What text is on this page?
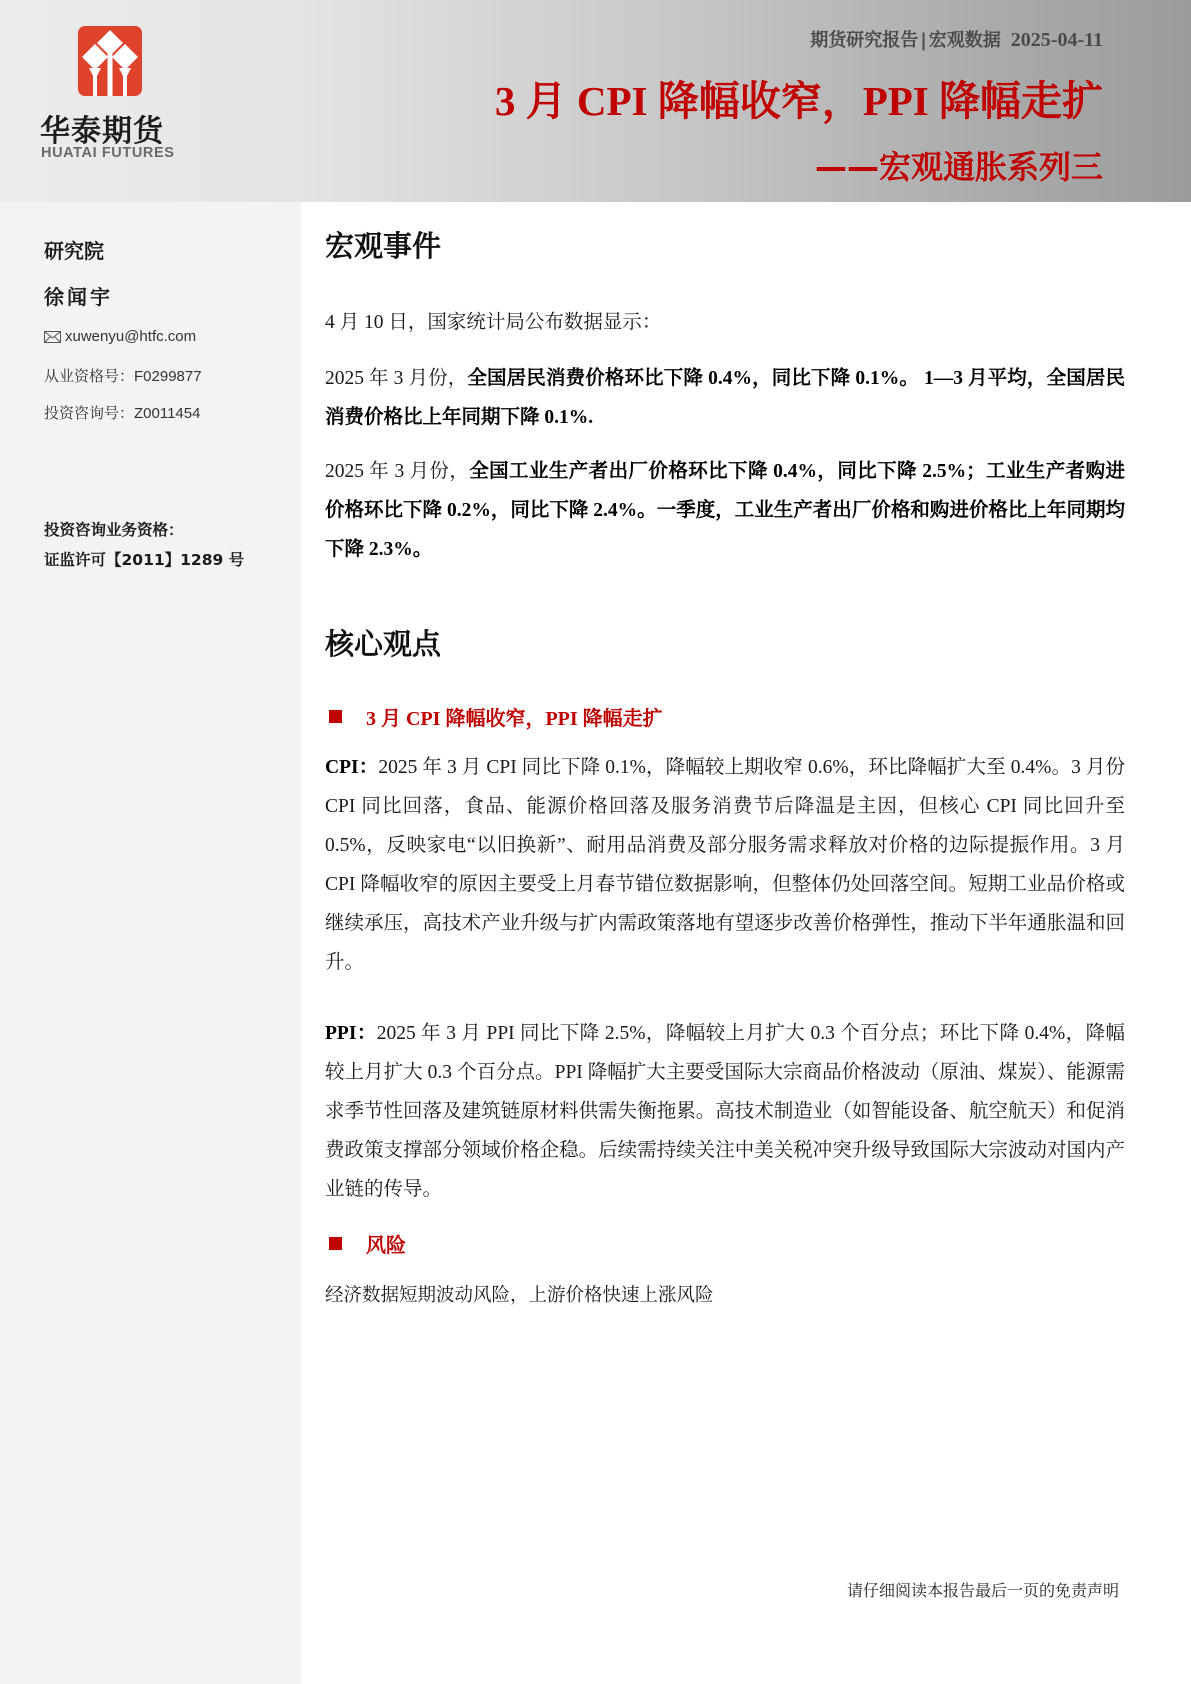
华泰期货
HUATAI FUTURES
期货研究报告 | 宏观数据 2025-04-11
3 月 CPI 降幅收窄，PPI 降幅走扩
——宏观通胀系列三
研究院
徐闻宇
xuwenyu@htfc.com
从业资格号：F0299877
投资咨询号：Z0011454
投资咨询业务资格：
证监许可【2011】1289 号
宏观事件
4 月 10 日，国家统计局公布数据显示：
2025 年 3 月份，全国居民消费价格环比下降 0.4%，同比下降 0.1%。 1—3 月平均，全国居民消费价格比上年同期下降 0.1%.
2025 年 3 月份，全国工业生产者出厂价格环比下降 0.4%，同比下降 2.5%；工业生产者购进价格环比下降 0.2%，同比下降 2.4%。一季度，工业生产者出厂价格和购进价格比上年同期均下降 2.3%。
核心观点
3 月 CPI 降幅收窄，PPI 降幅走扩
CPI：2025 年 3 月 CPI 同比下降 0.1%，降幅较上期收窄 0.6%，环比降幅扩大至 0.4%。3 月份 CPI 同比回落，食品、能源价格回落及服务消费节后降温是主因，但核心 CPI 同比回升至 0.5%，反映家电“以旧换新”、耐用品消费及部分服务需求释放对价格的边际提振作用。3 月 CPI 降幅收窄的原因主要受上月春节错位数据影响，但整体仍处回落空间。短期工业品价格或继续承压，高技术产业升级与扩内需政策落地有望逐步改善价格弹性，推动下半年通胀温和回升。
PPI：2025 年 3 月 PPI 同比下降 2.5%，降幅较上月扩大 0.3 个百分点；环比下降 0.4%，降幅较上月扩大 0.3 个百分点。PPI 降幅扩大主要受国际大宗商品价格波动（原油、煤炭）、能源需求季节性回落及建筑链原材料供需失衡拖累。高技术制造业（如智能设备、航空航天）和促消费政策支撑部分领域价格企稳。后续需持续关注中美关税冲突升级导致国际大宗波动对国内产业链的传导。
风险
经济数据短期波动风险，上游价格快速上涨风险
请仔细阅读本报告最后一页的免责声明
